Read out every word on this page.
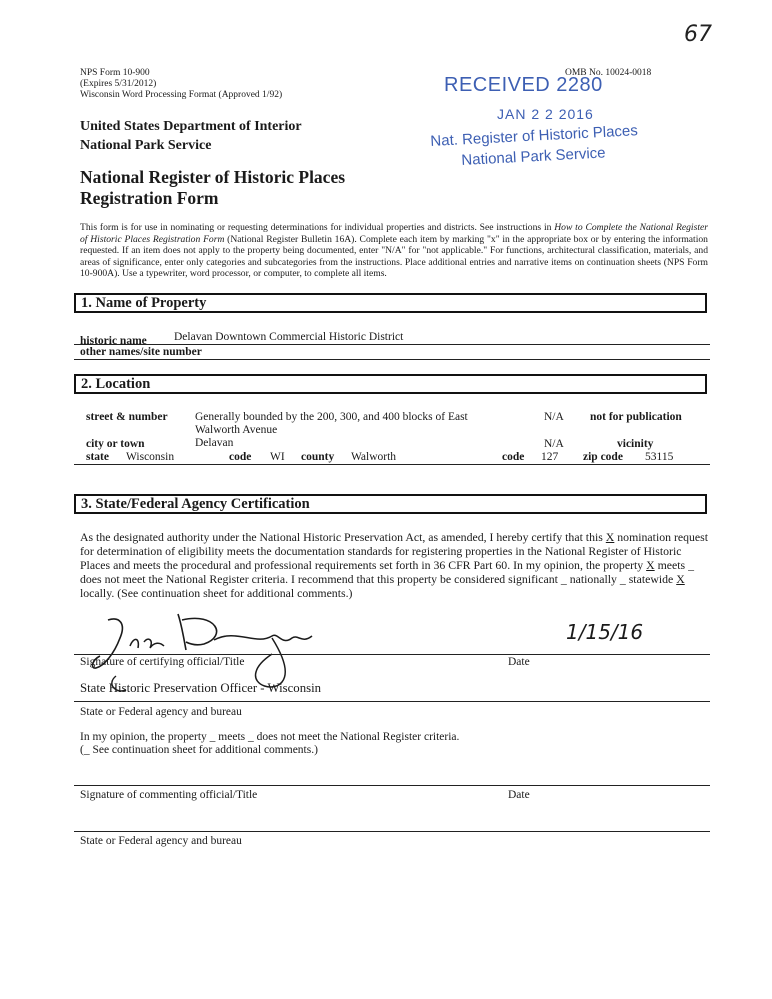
67
NPS Form 10-900
(Expires 5/31/2012)
Wisconsin Word Processing Format (Approved 1/92)
OMB No. 10024-0018
RECEIVED 2280
JAN 2 2 2016
Nat. Register of Historic Places
National Park Service
United States Department of Interior
National Park Service
National Register of Historic Places
Registration Form
This form is for use in nominating or requesting determinations for individual properties and districts. See instructions in How to Complete the National Register of Historic Places Registration Form (National Register Bulletin 16A). Complete each item by marking "x" in the appropriate box or by entering the information requested. If an item does not apply to the property being documented, enter "N/A" for "not applicable." For functions, architectural classification, materials, and areas of significance, enter only categories and subcategories from the instructions. Place additional entries and narrative items on continuation sheets (NPS Form 10-900A). Use a typewriter, word processor, or computer, to complete all items.
1. Name of Property
historic name Delavan Downtown Commercial Historic District
other names/site number
2. Location
street & number Generally bounded by the 200, 300, and 400 blocks of East
Walworth Avenue
N/A not for publication
city or town	Delavan	N/A	vicinity
state Wisconsin	code WI county Walworth	code 127 zip code 53115
3. State/Federal Agency Certification
As the designated authority under the National Historic Preservation Act, as amended, I hereby certify that this X nomination request for determination of eligibility meets the documentation standards for registering properties in the National Register of Historic Places and meets the procedural and professional requirements set forth in 36 CFR Part 60. In my opinion, the property X meets _ does not meet the National Register criteria. I recommend that this property be considered significant _ nationally _ statewide X locally. (See continuation sheet for additional comments.)
1/15/16
Signature of certifying official/Title	Date
State Historic Preservation Officer - Wisconsin
State or Federal agency and bureau
In my opinion, the property _ meets _ does not meet the National Register criteria.
(_ See continuation sheet for additional comments.)
Signature of commenting official/Title	Date
State or Federal agency and bureau
